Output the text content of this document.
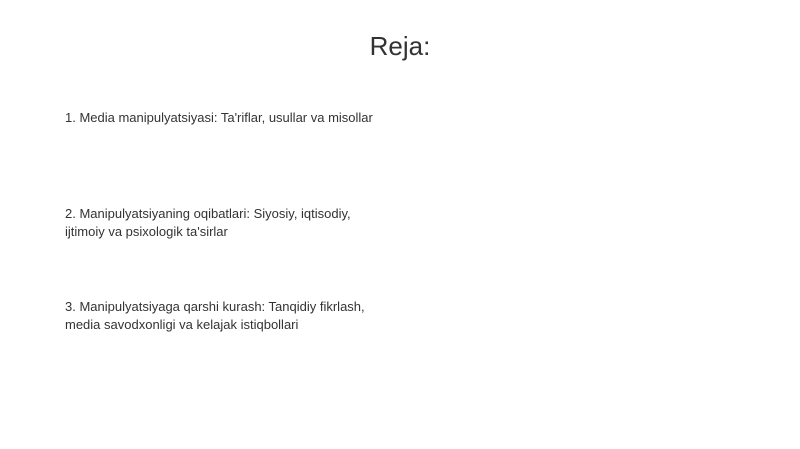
Reja:
1. Media manipulyatsiyasi: Ta'riflar, usullar va misollar
2. Manipulyatsiyaning oqibatlari: Siyosiy, iqtisodiy,
ijtimoiy va psixologik ta'sirlar
3. Manipulyatsiyaga qarshi kurash: Tanqidiy fikrlash,
media savodxonligi va kelajak istiqbollari
